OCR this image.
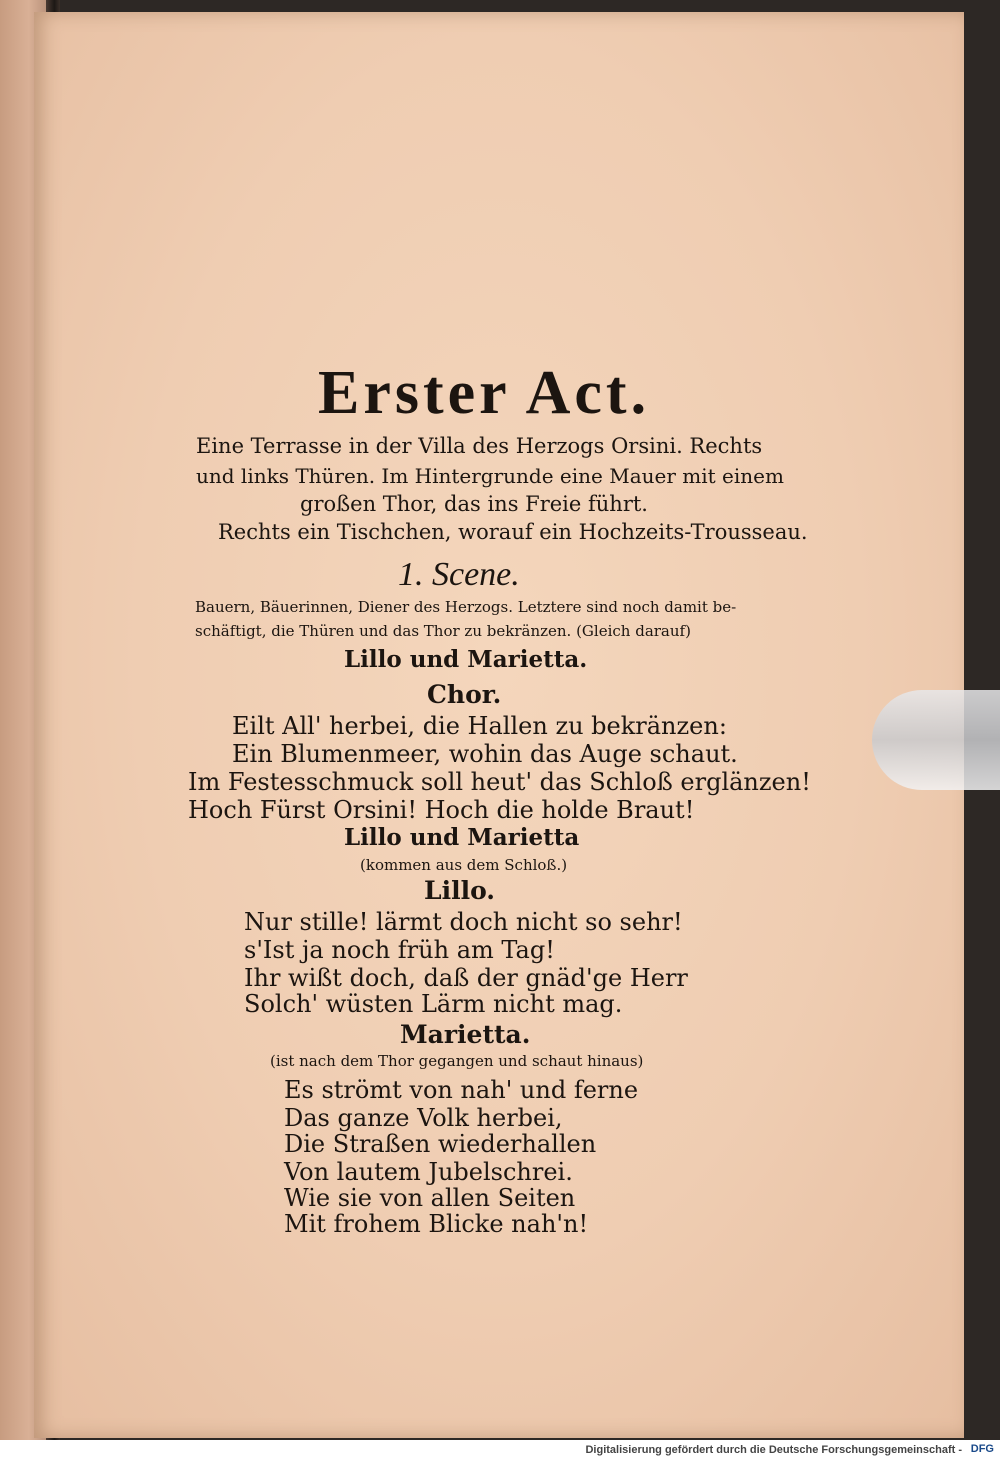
Erster Act.
Eine Terrasse in der Villa des Herzogs Orsini. Rechts
und links Thüren. Im Hintergrunde eine Mauer mit einem
großen Thor, das ins Freie führt.
Rechts ein Tischchen, worauf ein Hochzeits-Trousseau.
1. Scene.
Bauern, Bäuerinnen, Diener des Herzogs. Letztere sind noch damit be-
schäftigt, die Thüren und das Thor zu bekränzen. (Gleich darauf)
Lillo und Marietta.
Chor.
Eilt All' herbei, die Hallen zu bekränzen:
Ein Blumenmeer, wohin das Auge schaut.
Im Festesschmuck soll heut' das Schloß erglänzen!
Hoch Fürst Orsini! Hoch die holde Braut!
Lillo und Marietta
(kommen aus dem Schloß.)
Lillo.
Nur stille! lärmt doch nicht so sehr!
s'Ist ja noch früh am Tag!
Ihr wißt doch, daß der gnäd'ge Herr
Solch' wüsten Lärm nicht mag.
Marietta.
(ist nach dem Thor gegangen und schaut hinaus)
Es strömt von nah' und ferne
Das ganze Volk herbei,
Die Straßen wiederhallen
Von lautem Jubelschrei.
Wie sie von allen Seiten
Mit frohem Blicke nah'n!
Digitalisierung gefördert durch die Deutsche Forschungsgemeinschaft - DFG
